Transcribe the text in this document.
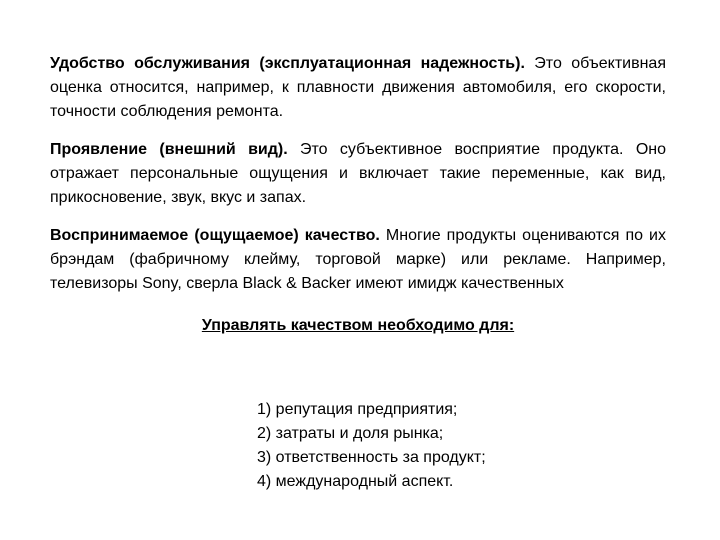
Удобство обслуживания (эксплуатационная надежность). Это объективная оценка относится, например, к плавности движения автомобиля, его скорости, точности соблюдения ремонта.

Проявление (внешний вид). Это субъективное восприятие продукта. Оно отражает персональные ощущения и включает такие переменные, как вид, прикосновение, звук, вкус и запах.

Воспринимаемое (ощущаемое) качество. Многие продукты оцениваются по их брэндам (фабричному клейму, торговой марке) или рекламе. Например, телевизоры Sony, сверла Black & Backer имеют имидж качественных

Управлять качеством необходимо для:

1) репутация предприятия;
2) затраты и доля рынка;
3) ответственность за продукт;
4) международный аспект.
